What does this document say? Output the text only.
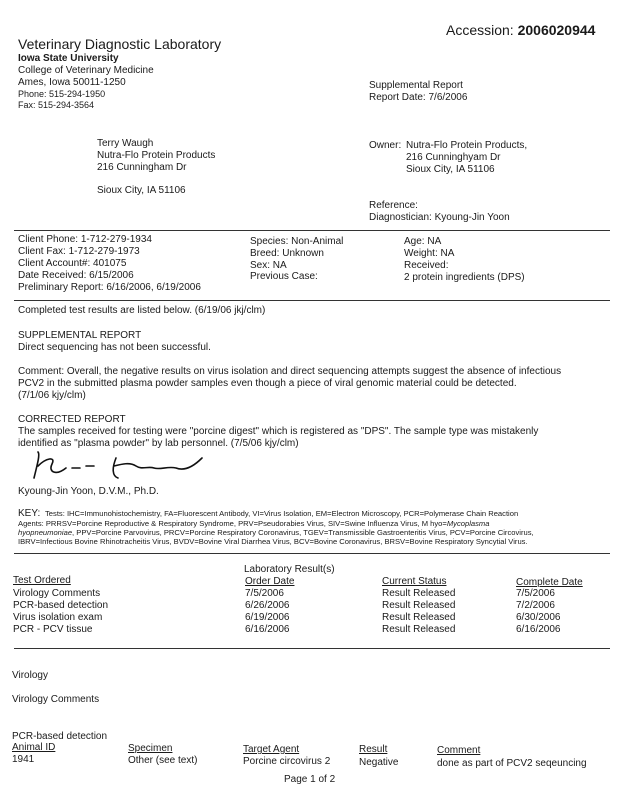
Accession: 2006020944
Veterinary Diagnostic Laboratory
Iowa State University
College of Veterinary Medicine
Ames, Iowa 50011-1250
Phone: 515-294-1950
Fax: 515-294-3564
Supplemental Report
Report Date: 7/6/2006
Terry Waugh
Nutra-Flo Protein Products
216 Cunningham Dr
Sioux City, IA 51106
Owner: Nutra-Flo Protein Products,
216 Cunninghyam Dr
Sioux City, IA 51106
Reference:
Diagnostician: Kyoung-Jin Yoon
Client Phone: 1-712-279-1934
Client Fax: 1-712-279-1973
Client Account#: 401075
Date Received: 6/15/2006
Preliminary Report: 6/16/2006, 6/19/2006
Species: Non-Animal
Breed: Unknown
Sex: NA
Previous Case:
Age: NA
Weight: NA
Received:
2 protein ingredients (DPS)
Completed test results are listed below. (6/19/06 jkj/clm)
SUPPLEMENTAL REPORT
Direct sequencing has not been successful.
Comment: Overall, the negative results on virus isolation and direct sequencing attempts suggest the absence of infectious
PCV2 in the submitted plasma powder samples even though a piece of viral genomic material could be detected.
(7/1/06 kjy/clm)
CORRECTED REPORT
The samples received for testing were "porcine digest" which is registered as "DPS". The sample type was mistakenly
identified as "plasma powder" by lab personnel. (7/5/06 kjy/clm)
K.-J. Yoon
Kyoung-Jin Yoon, D.V.M., Ph.D.
KEY: Tests: IHC=Immunohistochemistry, FA=Fluorescent Antibody, VI=Virus Isolation, EM=Electron Microscopy, PCR=Polymerase Chain Reaction
Agents: PRRSV=Porcine Reproductive & Respiratory Syndrome, PRV=Pseudorabies Virus, SIV=Swine Influenza Virus, M hyo=Mycoplasma
hyopneumoniae, PPV=Porcine Parvovirus, PRCV=Porcine Respiratory Coronavirus, TGEV=Transmissible Gastroenteritis Virus, PCV=Porcine Circovirus,
IBRV=Infectious Bovine Rhinotracheitis Virus, BVDV=Bovine Viral Diarrhea Virus, BCV=Bovine Coronavirus, BRSV=Bovine Respiratory Syncytial Virus.
Laboratory Result(s)
Test Ordered	Order Date	Current Status	Complete Date
Virology Comments	7/5/2006	Result Released	7/5/2006
PCR-based detection	6/26/2006	Result Released	7/2/2006
Virus isolation exam	6/19/2006	Result Released	6/30/2006
PCR - PCV tissue	6/16/2006	Result Released	6/16/2006
Virology
Virology Comments
PCR-based detection
Animal ID	Specimen	Target Agent	Result	Comment
1941	Other (see text)	Porcine circovirus 2	Negative	done as part of PCV2 seqeuncing
Page 1 of 2
